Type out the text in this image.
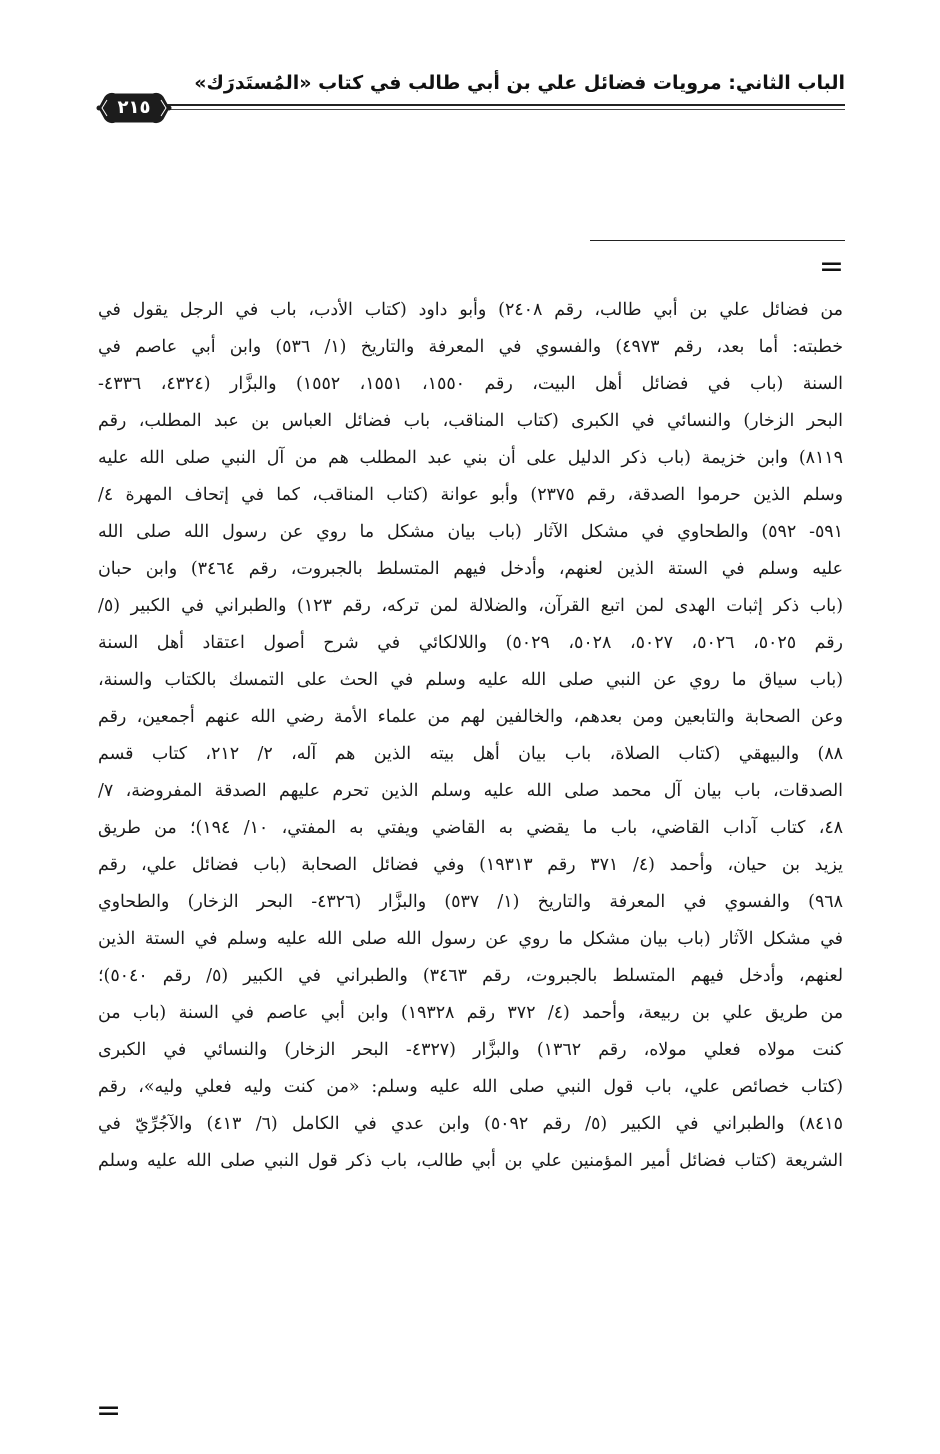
الباب الثاني: مرويات فضائل علي بن أبي طالب في كتاب «المُستَدرَك»
٢١٥
=
من فضائل علي بن أبي طالب، رقم ٢٤٠٨) وأبو داود (كتاب الأدب، باب في الرجل يقول في
خطبته: أما بعد، رقم ٤٩٧٣) والفسوي في المعرفة والتاريخ (١/ ٥٣٦) وابن أبي عاصم في
السنة (باب في فضائل أهل البيت، رقم ١٥٥٠، ١٥٥١، ١٥٥٢) والبزَّار (٤٣٢٤، ٤٣٣٦-
البحر الزخار) والنسائي في الكبرى (كتاب المناقب، باب فضائل العباس بن عبد المطلب، رقم
٨١١٩) وابن خزيمة (باب ذكر الدليل على أن بني عبد المطلب هم من آل النبي صلى الله عليه
وسلم الذين حرموا الصدقة، رقم ٢٣٧٥) وأبو عوانة (كتاب المناقب، كما في إتحاف المهرة ٤/
٥٩١- ٥٩٢) والطحاوي في مشكل الآثار (باب بيان مشكل ما روي عن رسول الله صلى الله
عليه وسلم في الستة الذين لعنهم، وأدخل فيهم المتسلط بالجبروت، رقم ٣٤٦٤) وابن حبان
(باب ذكر إثبات الهدى لمن اتبع القرآن، والضلالة لمن تركه، رقم ١٢٣) والطبراني في الكبير (٥/
رقم ٥٠٢٥، ٥٠٢٦، ٥٠٢٧، ٥٠٢٨، ٥٠٢٩) واللالكائي في شرح أصول اعتقاد أهل السنة
(باب سياق ما روي عن النبي صلى الله عليه وسلم في الحث على التمسك بالكتاب والسنة،
وعن الصحابة والتابعين ومن بعدهم، والخالفين لهم من علماء الأمة رضي الله عنهم أجمعين، رقم
٨٨) والبيهقي (كتاب الصلاة، باب بيان أهل بيته الذين هم آله، ٢/ ٢١٢، كتاب قسم
الصدقات، باب بيان آل محمد صلى الله عليه وسلم الذين تحرم عليهم الصدقة المفروضة، ٧/
٤٨، كتاب آداب القاضي، باب ما يقضي به القاضي ويفتي به المفتي، ١٠/ ١٩٤)؛ من طريق
يزيد بن حيان، وأحمد (٤/ ٣٧١ رقم ١٩٣١٣) وفي فضائل الصحابة (باب فضائل علي، رقم
٩٦٨) والفسوي في المعرفة والتاريخ (١/ ٥٣٧) والبزَّار (٤٣٢٦- البحر الزخار) والطحاوي
في مشكل الآثار (باب بيان مشكل ما روي عن رسول الله صلى الله عليه وسلم في الستة الذين
لعنهم، وأدخل فيهم المتسلط بالجبروت، رقم ٣٤٦٣) والطبراني في الكبير (٥/ رقم ٥٠٤٠)؛
من طريق علي بن ربيعة، وأحمد (٤/ ٣٧٢ رقم ١٩٣٢٨) وابن أبي عاصم في السنة (باب من
كنت مولاه فعلي مولاه، رقم ١٣٦٢) والبزَّار (٤٣٢٧- البحر الزخار) والنسائي في الكبرى
(كتاب خصائص علي، باب قول النبي صلى الله عليه وسلم: «من كنت وليه فعلي وليه»، رقم
٨٤١٥) والطبراني في الكبير (٥/ رقم ٥٠٩٢) وابن عدي في الكامل (٦/ ٤١٣) والآجُرِّيّ في
الشريعة (كتاب فضائل أمير المؤمنين علي بن أبي طالب، باب ذكر قول النبي صلى الله عليه وسلم
=
